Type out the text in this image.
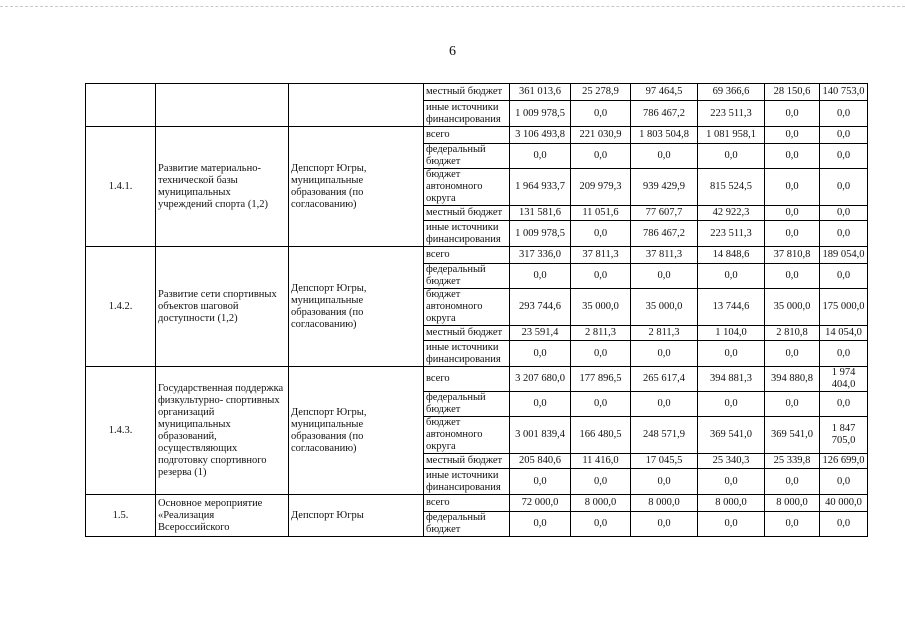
6
			местный бюджет	361 013,6	25 278,9	97 464,5	69 366,6	28 150,6	140 753,0
			иные источники финансирования	1 009 978,5	0,0	786 467,2	223 511,3	0,0	0,0
1.4.1.	Развитие материально-технической базы муниципальных учреждений спорта (1,2)	Депспорт Югры, муниципальные образования (по согласованию)	всего	3 106 493,8	221 030,9	1 803 504,8	1 081 958,1	0,0	0,0
			федеральный бюджет	0,0	0,0	0,0	0,0	0,0	0,0
			бюджет автономного округа	1 964 933,7	209 979,3	939 429,9	815 524,5	0,0	0,0
			местный бюджет	131 581,6	11 051,6	77 607,7	42 922,3	0,0	0,0
			иные источники финансирования	1 009 978,5	0,0	786 467,2	223 511,3	0,0	0,0
1.4.2.	Развитие сети спортивных объектов шаговой доступности (1,2)	Депспорт Югры, муниципальные образования (по согласованию)	всего	317 336,0	37 811,3	37 811,3	14 848,6	37 810,8	189 054,0
			федеральный бюджет	0,0	0,0	0,0	0,0	0,0	0,0
			бюджет автономного округа	293 744,6	35 000,0	35 000,0	13 744,6	35 000,0	175 000,0
			местный бюджет	23 591,4	2 811,3	2 811,3	1 104,0	2 810,8	14 054,0
			иные источники финансирования	0,0	0,0	0,0	0,0	0,0	0,0
1.4.3.	Государственная поддержка физкультурно- спортивных организаций муниципальных образований, осуществляющих подготовку спортивного резерва (1)	Депспорт Югры, муниципальные образования (по согласованию)	всего	3 207 680,0	177 896,5	265 617,4	394 881,3	394 880,8	1 974 404,0
			федеральный бюджет	0,0	0,0	0,0	0,0	0,0	0,0
			бюджет автономного округа	3 001 839,4	166 480,5	248 571,9	369 541,0	369 541,0	1 847 705,0
			местный бюджет	205 840,6	11 416,0	17 045,5	25 340,3	25 339,8	126 699,0
			иные источники финансирования	0,0	0,0	0,0	0,0	0,0	0,0
1.5.	Основное мероприятие «Реализация Всероссийского	Депспорт Югры	всего	72 000,0	8 000,0	8 000,0	8 000,0	8 000,0	40 000,0
			федеральный бюджет	0,0	0,0	0,0	0,0	0,0	0,0
